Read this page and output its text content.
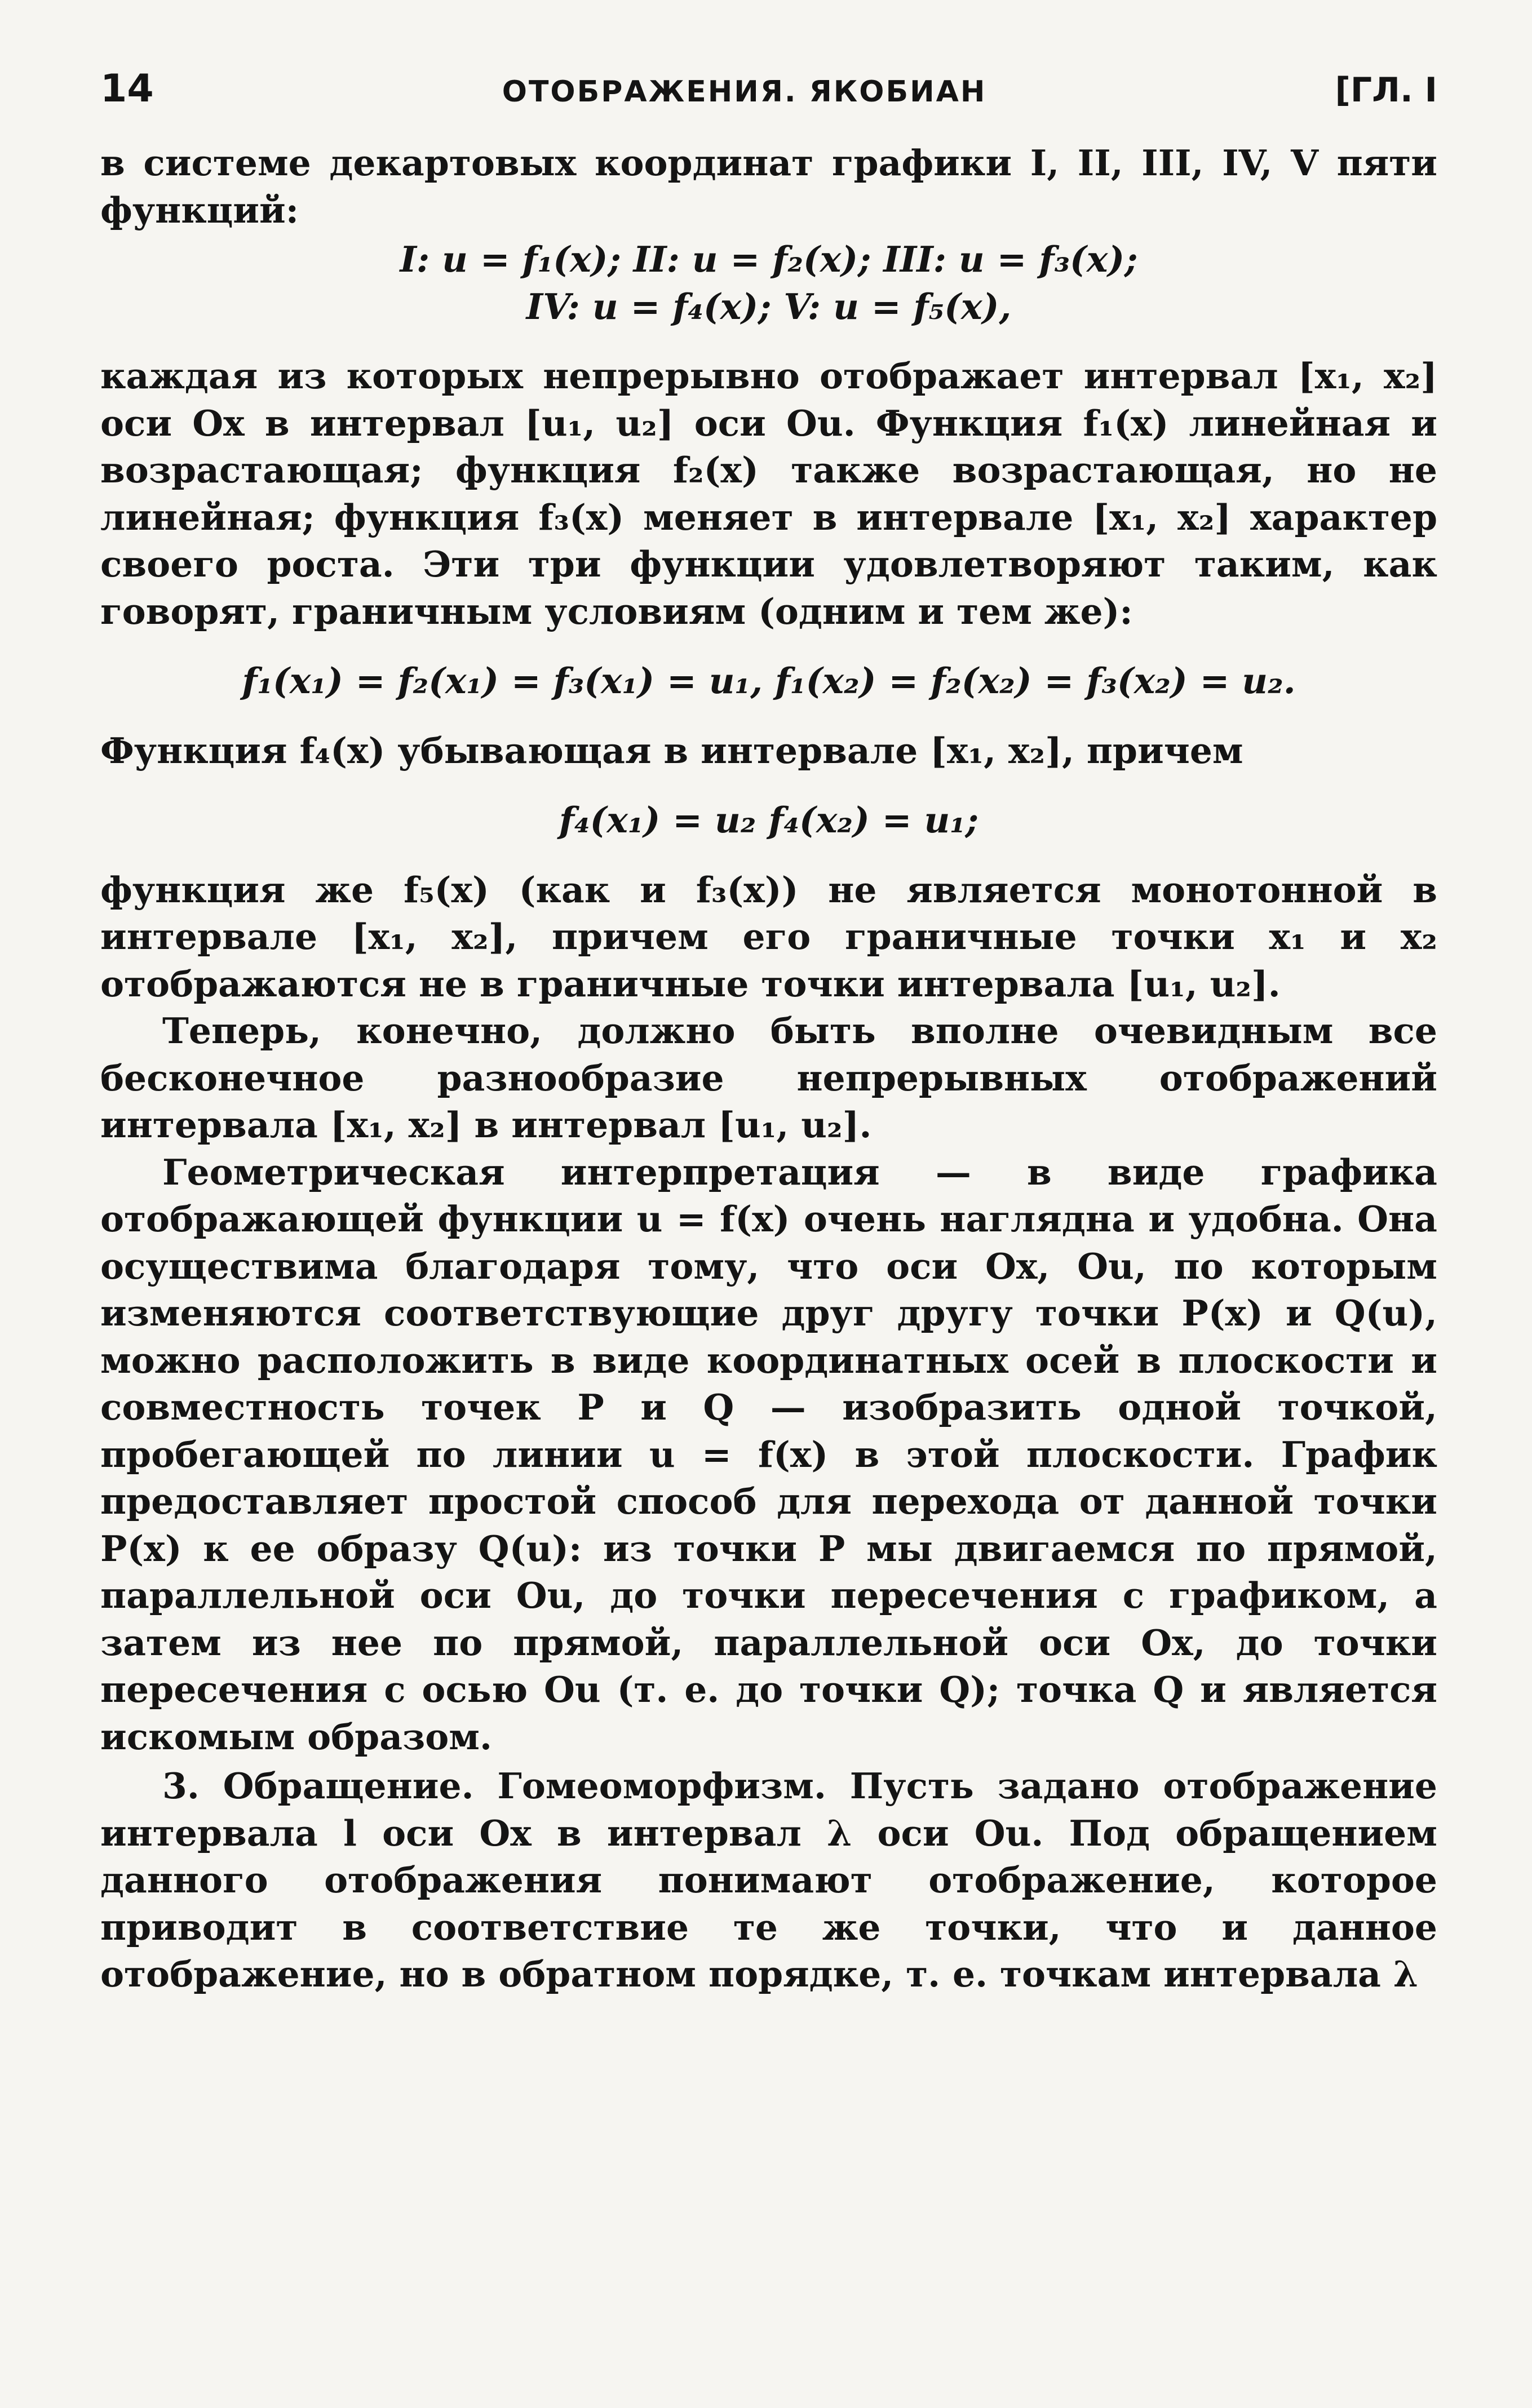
14	ОТОБРАЖЕНИЯ. ЯКОБИАН	[ГЛ. I

в системе декартовых координат графики I, II, III, IV, V пяти функций:

I: u = f₁(x); II: u = f₂(x); III: u = f₃(x);
IV: u = f₄(x); V: u = f₅(x),

каждая из которых непрерывно отображает интервал [x₁, x₂] оси Ox в интервал [u₁, u₂] оси Ou. Функция f₁(x) линейная и возрастающая; функция f₂(x) также возрастающая, но не линейная; функция f₃(x) меняет в интервале [x₁, x₂] характер своего роста. Эти три функции удовлетворяют таким, как говорят, граничным условиям (одним и тем же):

f₁(x₁) = f₂(x₁) = f₃(x₁) = u₁, f₁(x₂) = f₂(x₂) = f₃(x₂) = u₂.

Функция f₄(x) убывающая в интервале [x₁, x₂], причем

f₄(x₁) = u₂ f₄(x₂) = u₁;

функция же f₅(x) (как и f₃(x)) не является монотонной в интервале [x₁, x₂], причем его граничные точки x₁ и x₂ отображаются не в граничные точки интервала [u₁, u₂].

Теперь, конечно, должно быть вполне очевидным все бесконечное разнообразие непрерывных отображений интервала [x₁, x₂] в интервал [u₁, u₂].

Геометрическая интерпретация — в виде графика отображающей функции u = f(x) очень наглядна и удобна. Она осуществима благодаря тому, что оси Ox, Ou, по которым изменяются соответствующие друг другу точки P(x) и Q(u), можно расположить в виде координатных осей в плоскости и совместность точек P и Q — изобразить одной точкой, пробегающей по линии u = f(x) в этой плоскости. График предоставляет простой способ для перехода от данной точки P(x) к ее образу Q(u): из точки P мы двигаемся по прямой, параллельной оси Ou, до точки пересечения с графиком, а затем из нее по прямой, параллельной оси Ox, до точки пересечения с осью Ou (т. е. до точки Q); точка Q и является искомым образом.

3. Обращение. Гомеоморфизм. Пусть задано отображение интервала l оси Ox в интервал λ оси Ou. Под обращением данного отображения понимают отображение, которое приводит в соответствие те же точки, что и данное отображение, но в обратном порядке, т. е. точкам интервала λ
